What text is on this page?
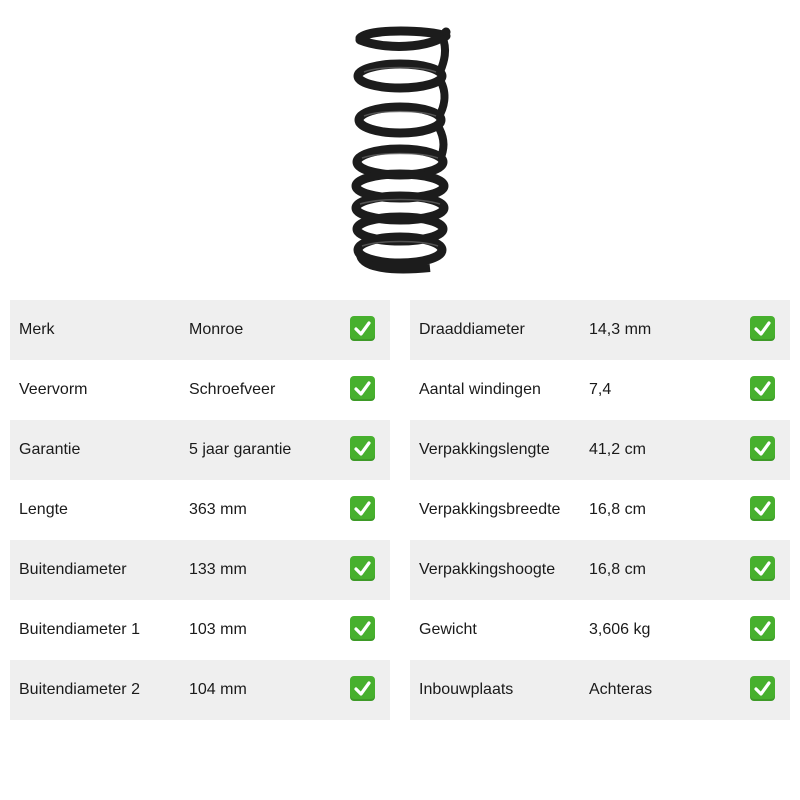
Merk	Monroe
Veervorm	Schroefveer
Garantie	5 jaar garantie
Lengte	363 mm
Buitendiameter	133 mm
Buitendiameter 1	103 mm
Buitendiameter 2	104 mm
Draaddiameter	14,3 mm
Aantal windingen	7,4
Verpakkingslengte 41,2 cm
Verpakkingsbreedte 16,8 cm
Verpakkingshoogte 16,8 cm
Gewicht	3,606 kg
Inbouwplaats	Achteras
